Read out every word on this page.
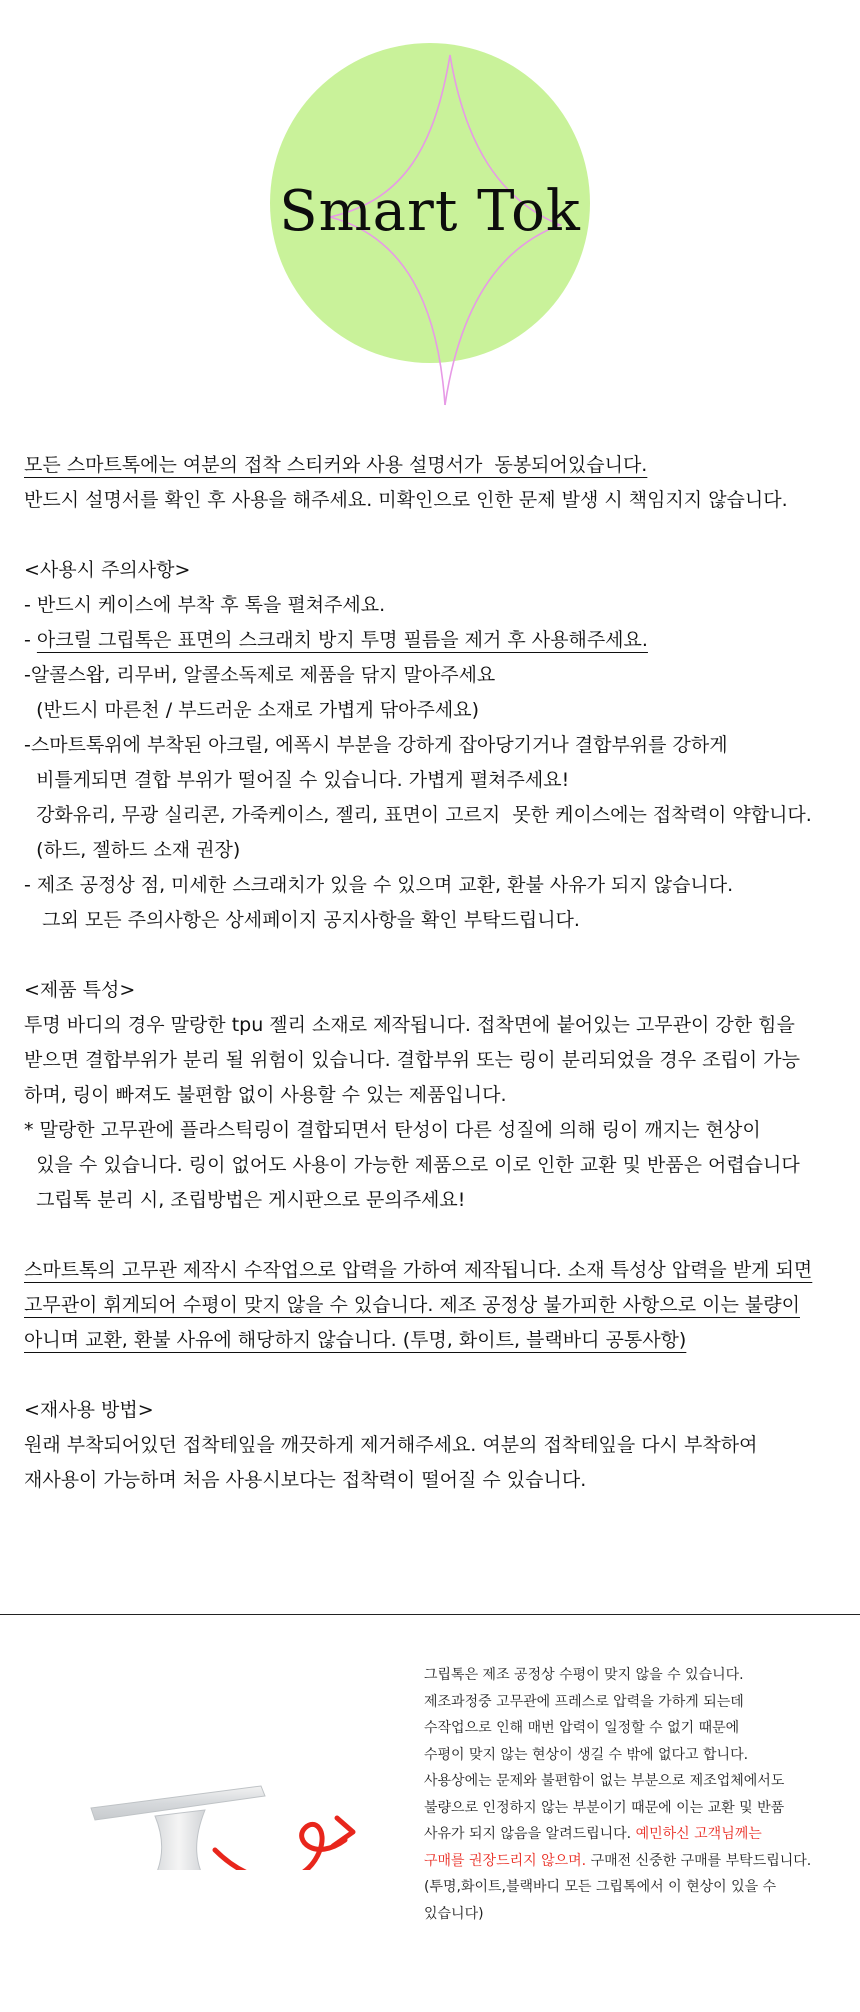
Smart Tok
모든 스마트톡에는 여분의 접착 스티커와 사용 설명서가  동봉되어있습니다.
반드시 설명서를 확인 후 사용을 해주세요. 미확인으로 인한 문제 발생 시 책임지지 않습니다.
<사용시 주의사항>
- 반드시 케이스에 부착 후 톡을 펼쳐주세요.
- 아크릴 그립톡은 표면의 스크래치 방지 투명 필름을 제거 후 사용해주세요.
-알콜스왑, 리무버, 알콜소독제로 제품을 닦지 말아주세요
(반드시 마른천 / 부드러운 소재로 가볍게 닦아주세요)
-스마트톡위에 부착된 아크릴, 에폭시 부분을 강하게 잡아당기거나 결합부위를 강하게
비틀게되면 결합 부위가 떨어질 수 있습니다. 가볍게 펼쳐주세요!
강화유리, 무광 실리콘, 가죽케이스, 젤리, 표면이 고르지  못한 케이스에는 접착력이 약합니다.
(하드, 젤하드 소재 권장)
- 제조 공정상 점, 미세한 스크래치가 있을 수 있으며 교환, 환불 사유가 되지 않습니다.
그외 모든 주의사항은 상세페이지 공지사항을 확인 부탁드립니다.
<제품 특성>
투명 바디의 경우 말랑한 tpu 젤리 소재로 제작됩니다. 접착면에 붙어있는 고무관이 강한 힘을
받으면 결합부위가 분리 될 위험이 있습니다. 결합부위 또는 링이 분리되었을 경우 조립이 가능
하며, 링이 빠져도 불편함 없이 사용할 수 있는 제품입니다.
* 말랑한 고무관에 플라스틱링이 결합되면서 탄성이 다른 성질에 의해 링이 깨지는 현상이
있을 수 있습니다. 링이 없어도 사용이 가능한 제품으로 이로 인한 교환 및 반품은 어렵습니다
그립톡 분리 시, 조립방법은 게시판으로 문의주세요!
스마트톡의 고무관 제작시 수작업으로 압력을 가하여 제작됩니다. 소재 특성상 압력을 받게 되면
고무관이 휘게되어 수평이 맞지 않을 수 있습니다. 제조 공정상 불가피한 사항으로 이는 불량이
아니며 교환, 환불 사유에 해당하지 않습니다. (투명, 화이트, 블랙바디 공통사항)
<재사용 방법>
원래 부착되어있던 접착테잎을 깨끗하게 제거해주세요. 여분의 접착테잎을 다시 부착하여
재사용이 가능하며 처음 사용시보다는 접착력이 떨어질 수 있습니다.
그립톡은 제조 공정상 수평이 맞지 않을 수 있습니다.
제조과정중 고무관에 프레스로 압력을 가하게 되는데
수작업으로 인해 매번 압력이 일정할 수 없기 때문에
수평이 맞지 않는 현상이 생길 수 밖에 없다고 합니다.
사용상에는 문제와 불편함이 없는 부분으로 제조업체에서도
불량으로 인정하지 않는 부분이기 때문에 이는 교환 및 반품
사유가 되지 않음을 알려드립니다. 예민하신 고객님께는
구매를 권장드리지 않으며. 구매전 신중한 구매를 부탁드립니다.
(투명,화이트,블랙바디 모든 그립톡에서 이 현상이 있을 수
있습니다)
